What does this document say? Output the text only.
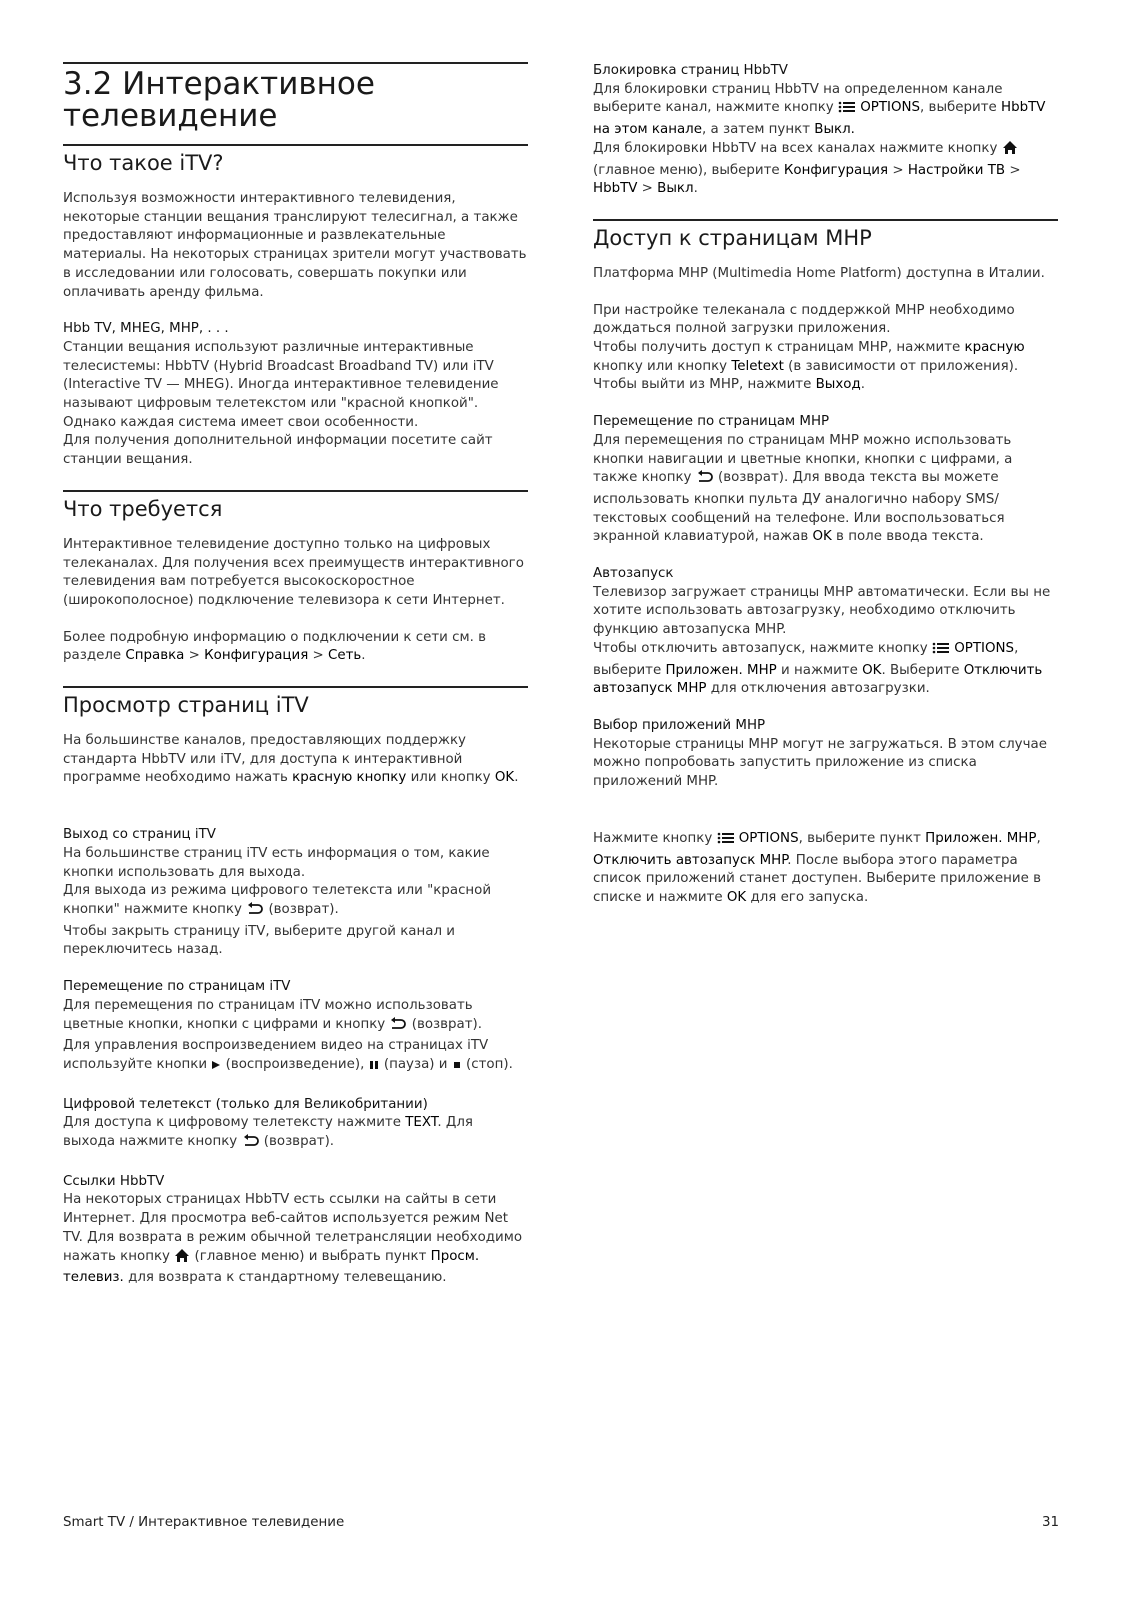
3.2 Интерактивное телевидение
Что такое iTV?

Используя возможности интерактивного телевидения, некоторые станции вещания транслируют телесигнал, а также предоставляют информационные и развлекательные материалы. На некоторых страницах зрители могут участвовать в исследовании или голосовать, совершать покупки или оплачивать аренду фильма.

Hbb TV, MHEG, MHP, . . .

Станции вещания используют различные интерактивные телесистемы: HbbTV (Hybrid Broadcast Broadband TV) или iTV (Interactive TV — MHEG). Иногда интерактивное телевидение называют цифровым телетекстом или "красной кнопкой". Однако каждая система имеет свои особенности.

Для получения дополнительной информации посетите сайт станции вещания.

Что требуется

Интерактивное телевидение доступно только на цифровых телеканалах. Для получения всех преимуществ интерактивного телевидения вам потребуется высокоскоростное (широкополосное) подключение телевизора к сети Интернет.

Более подробную информацию о подключении к сети см. в разделе Справка > Конфигурация > Сеть.

Просмотр страниц iTV

На большинстве каналов, предоставляющих поддержку стандарта HbbTV или iTV, для доступа к интерактивной программе необходимо нажать красную кнопку или кнопку OK.

Выход со страниц iTV

На большинстве страниц iTV есть информация о том, какие кнопки использовать для выхода.

Для выхода из режима цифрового телетекста или "красной кнопки" нажмите кнопку  (возврат).

Чтобы закрыть страницу iTV, выберите другой канал и переключитесь назад.

Перемещение по страницам iTV

Для перемещения по страницам iTV можно использовать цветные кнопки, кнопки с цифрами и кнопку  (возврат).

Для управления воспроизведением видео на страницах iTV используйте кнопки  (воспроизведение),  (пауза) и  (стоп).

Цифровой телетекст (только для Великобритании)

Для доступа к цифровому телетексту нажмите TEXT. Для выхода нажмите кнопку  (возврат).

Ссылки HbbTV

На некоторых страницах HbbTV есть ссылки на сайты в сети Интернет. Для просмотра веб-сайтов используется режим Net TV. Для возврата в режим обычной телетрансляции необходимо нажать кнопку  (главное меню) и выбрать пункт Просм. телевиз. для возврата к стандартному телевещанию.

Блокировка страниц HbbTV

Для блокировки страниц HbbTV на определенном канале выберите канал, нажмите кнопку  OPTIONS, выберите HbbTV на этом канале, а затем пункт Выкл.

Для блокировки HbbTV на всех каналах нажмите кнопку  (главное меню), выберите Конфигурация > Настройки ТВ > HbbTV > Выкл.

Доступ к страницам MHP

Платформа MHP (Multimedia Home Platform) доступна в Италии.

При настройке телеканала с поддержкой MHP необходимо дождаться полной загрузки приложения.

Чтобы получить доступ к страницам MHP, нажмите красную кнопку или кнопку Teletext (в зависимости от приложения).

Чтобы выйти из MHP, нажмите Выход.

Перемещение по страницам MHP

Для перемещения по страницам MHP можно использовать кнопки навигации и цветные кнопки, кнопки с цифрами, а также кнопку  (возврат). Для ввода текста вы можете использовать кнопки пульта ДУ аналогично набору SMS/текстовых сообщений на телефоне. Или воспользоваться экранной клавиатурой, нажав OK в поле ввода текста.

Автозапуск

Телевизор загружает страницы MHP автоматически. Если вы не хотите использовать автозагрузку, необходимо отключить функцию автозапуска MHP.

Чтобы отключить автозапуск, нажмите кнопку  OPTIONS, выберите Приложен. MHP и нажмите OK. Выберите Отключить автозапуск MHP для отключения автозагрузки.

Выбор приложений MHP

Некоторые страницы MHP могут не загружаться. В этом случае можно попробовать запустить приложение из списка приложений MHP.

Нажмите кнопку  OPTIONS, выберите пункт Приложен. MHP, Отключить автозапуск MHP. После выбора этого параметра список приложений станет доступен. Выберите приложение в списке и нажмите OK для его запуска.

Smart TV / Интерактивное телевидение	31
